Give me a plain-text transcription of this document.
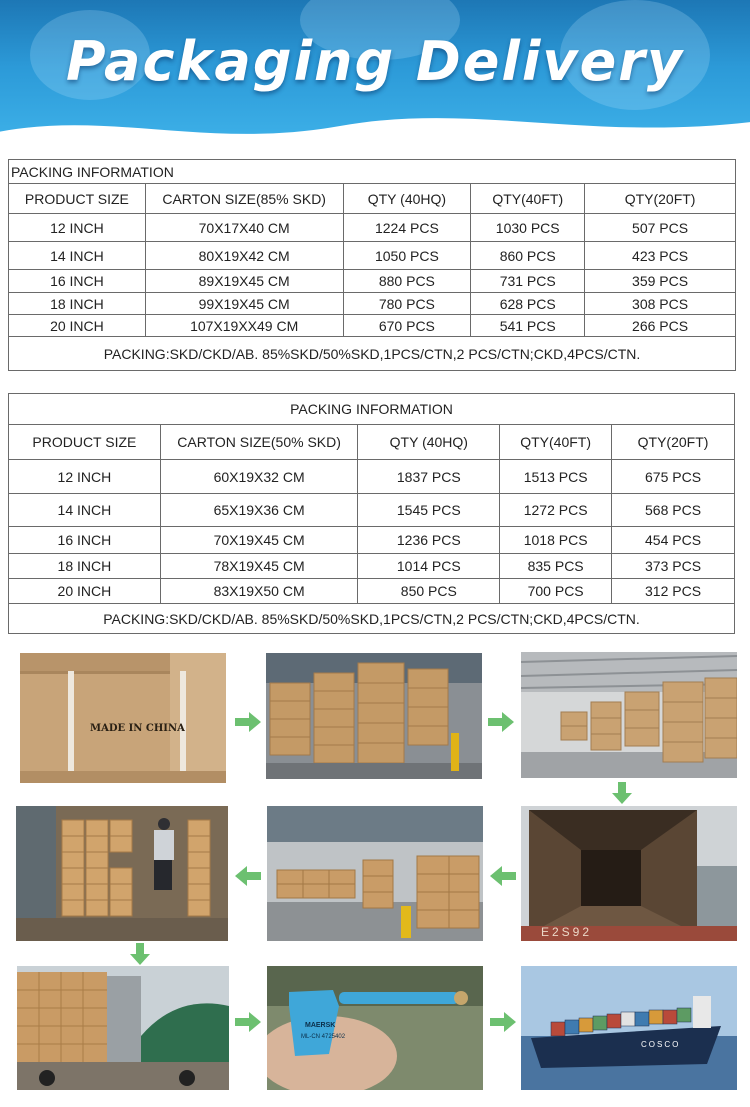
Packaging Delivery
PACKING INFORMATION				
PRODUCT SIZE	CARTON SIZE(85% SKD)	QTY (40HQ)	QTY(40FT)	QTY(20FT)
12 INCH	70X17X40 CM	1224 PCS	1030 PCS	507 PCS
14 INCH	80X19X42 CM	1050 PCS	860 PCS	423 PCS
16 INCH	89X19X45 CM	880 PCS	731 PCS	359 PCS
18 INCH	99X19X45 CM	780 PCS	628 PCS	308 PCS
20 INCH	107X19XX49 CM	670 PCS	541 PCS	266 PCS
PACKING:SKD/CKD/AB. 85%SKD/50%SKD,1PCS/CTN,2 PCS/CTN;CKD,4PCS/CTN.				
PACKING INFORMATION				
PRODUCT SIZE	CARTON SIZE(50% SKD)	QTY (40HQ)	QTY(40FT)	QTY(20FT)
12 INCH	60X19X32 CM	1837 PCS	1513 PCS	675 PCS
14 INCH	65X19X36 CM	1545 PCS	1272 PCS	568 PCS
16 INCH	70X19X45 CM	1236 PCS	1018 PCS	454 PCS
18 INCH	78X19X45 CM	1014 PCS	835 PCS	373 PCS
20 INCH	83X19X50 CM	850 PCS	700 PCS	312 PCS
PACKING:SKD/CKD/AB. 85%SKD/50%SKD,1PCS/CTN,2 PCS/CTN;CKD,4PCS/CTN.				
MADE IN CHINA
E2S92
MAERSK
ML-CN 4725402
COSCO
